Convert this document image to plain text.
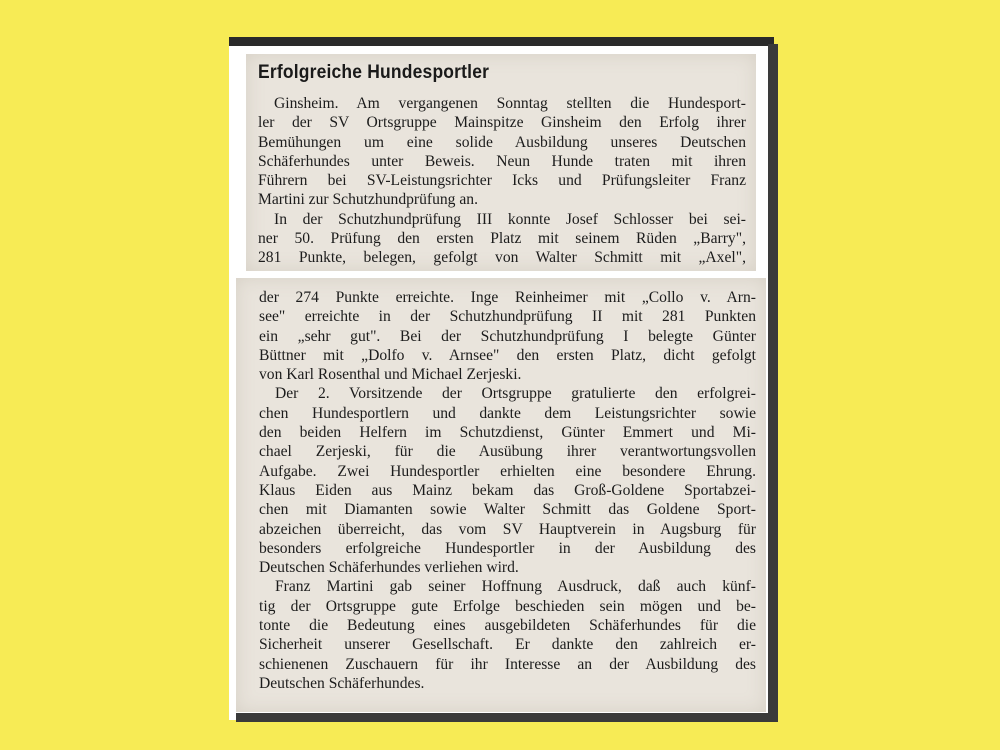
Erfolgreiche Hundesportler
Ginsheim. Am vergangenen Sonntag stellten die Hundesport-
ler der SV Ortsgruppe Mainspitze Ginsheim den Erfolg ihrer
Bemühungen um eine solide Ausbildung unseres Deutschen
Schäferhundes unter Beweis. Neun Hunde traten mit ihren
Führern bei SV-Leistungsrichter Icks und Prüfungsleiter Franz
Martini zur Schutzhundprüfung an.
In der Schutzhundprüfung III konnte Josef Schlosser bei sei-
ner 50. Prüfung den ersten Platz mit seinem Rüden „Barry",
281 Punkte, belegen, gefolgt von Walter Schmitt mit „Axel",
der 274 Punkte erreichte. Inge Reinheimer mit „Collo v. Arn-
see" erreichte in der Schutzhundprüfung II mit 281 Punkten
ein „sehr gut". Bei der Schutzhundprüfung I belegte Günter
Büttner mit „Dolfo v. Arnsee" den ersten Platz, dicht gefolgt
von Karl Rosenthal und Michael Zerjeski.
Der 2. Vorsitzende der Ortsgruppe gratulierte den erfolgrei-
chen Hundesportlern und dankte dem Leistungsrichter sowie
den beiden Helfern im Schutzdienst, Günter Emmert und Mi-
chael Zerjeski, für die Ausübung ihrer verantwortungsvollen
Aufgabe. Zwei Hundesportler erhielten eine besondere Ehrung.
Klaus Eiden aus Mainz bekam das Groß-Goldene Sportabzei-
chen mit Diamanten sowie Walter Schmitt das Goldene Sport-
abzeichen überreicht, das vom SV Hauptverein in Augsburg für
besonders erfolgreiche Hundesportler in der Ausbildung des
Deutschen Schäferhundes verliehen wird.
Franz Martini gab seiner Hoffnung Ausdruck, daß auch künf-
tig der Ortsgruppe gute Erfolge beschieden sein mögen und be-
tonte die Bedeutung eines ausgebildeten Schäferhundes für die
Sicherheit unserer Gesellschaft. Er dankte den zahlreich er-
schienenen Zuschauern für ihr Interesse an der Ausbildung des
Deutschen Schäferhundes.
